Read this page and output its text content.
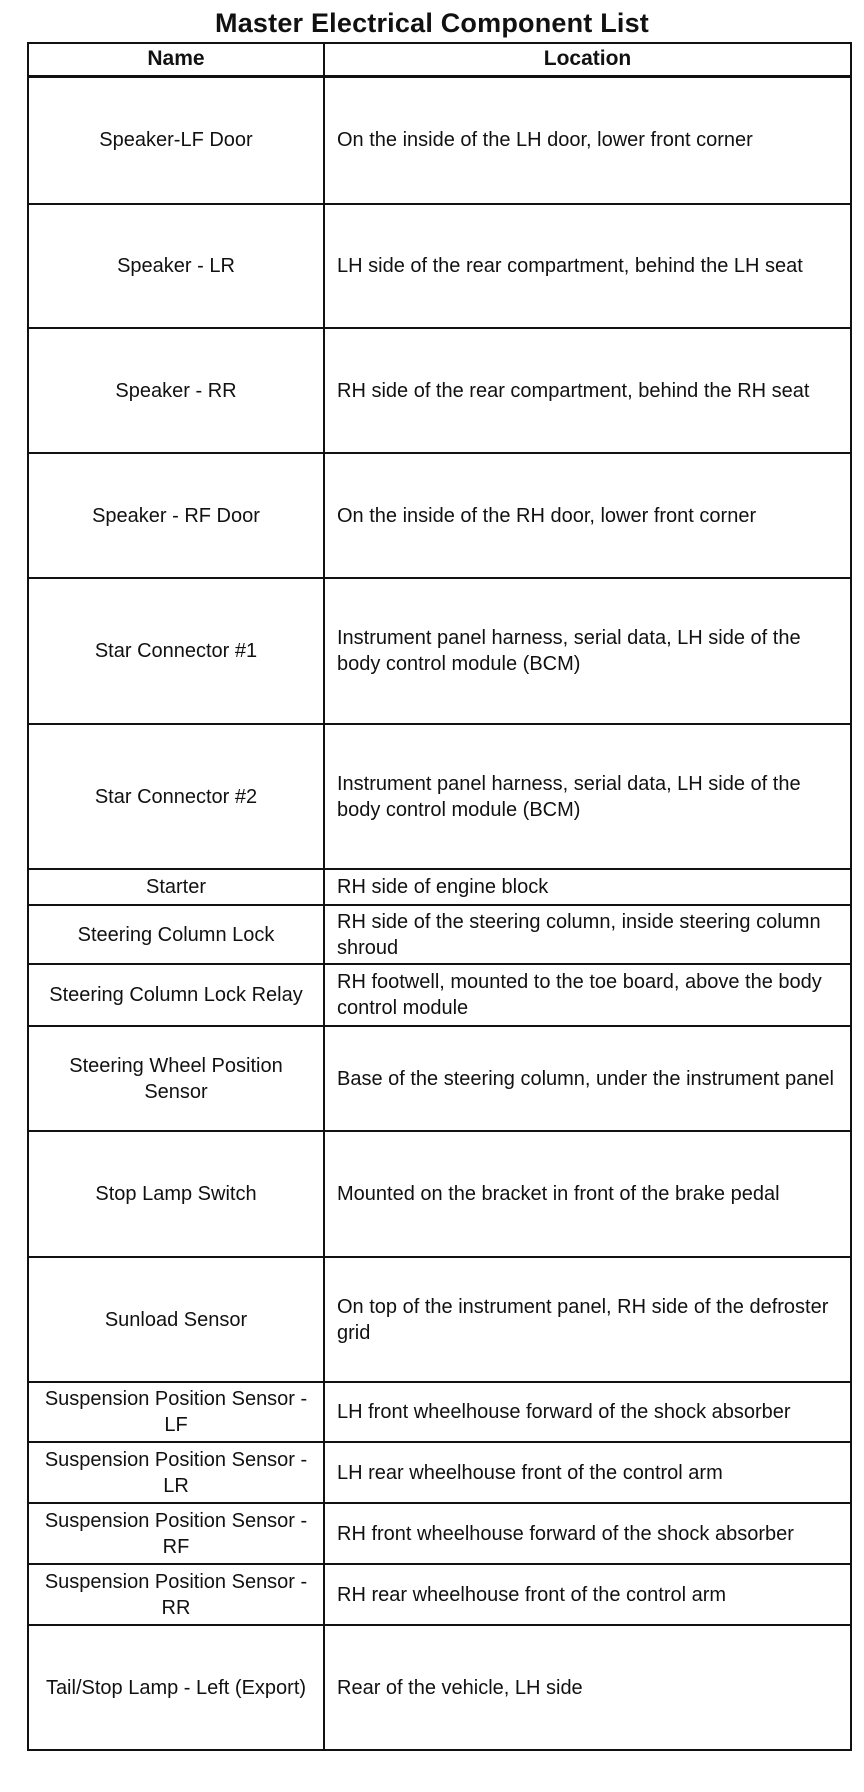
Master Electrical Component List
Name	Location
Speaker-LF Door	On the inside of the LH door, lower front corner
Speaker - LR	LH side of the rear compartment, behind the LH seat
Speaker - RR	RH side of the rear compartment, behind the RH seat
Speaker - RF Door	On the inside of the RH door, lower front corner
Star Connector #1	Instrument panel harness, serial data, LH side of the body control module (BCM)
Star Connector #2	Instrument panel harness, serial data, LH side of the body control module (BCM)
Starter	RH side of engine block
Steering Column Lock	RH side of the steering column, inside steering column shroud
Steering Column Lock Relay	RH footwell, mounted to the toe board, above the body control module
Steering Wheel Position Sensor	Base of the steering column, under the instrument panel
Stop Lamp Switch	Mounted on the bracket in front of the brake pedal
Sunload Sensor	On top of the instrument panel, RH side of the defroster grid
Suspension Position Sensor - LF	LH front wheelhouse forward of the shock absorber
Suspension Position Sensor - LR	LH rear wheelhouse front of the control arm
Suspension Position Sensor - RF	RH front wheelhouse forward of the shock absorber
Suspension Position Sensor - RR	RH rear wheelhouse front of the control arm
Tail/Stop Lamp - Left (Export)	Rear of the vehicle, LH side
